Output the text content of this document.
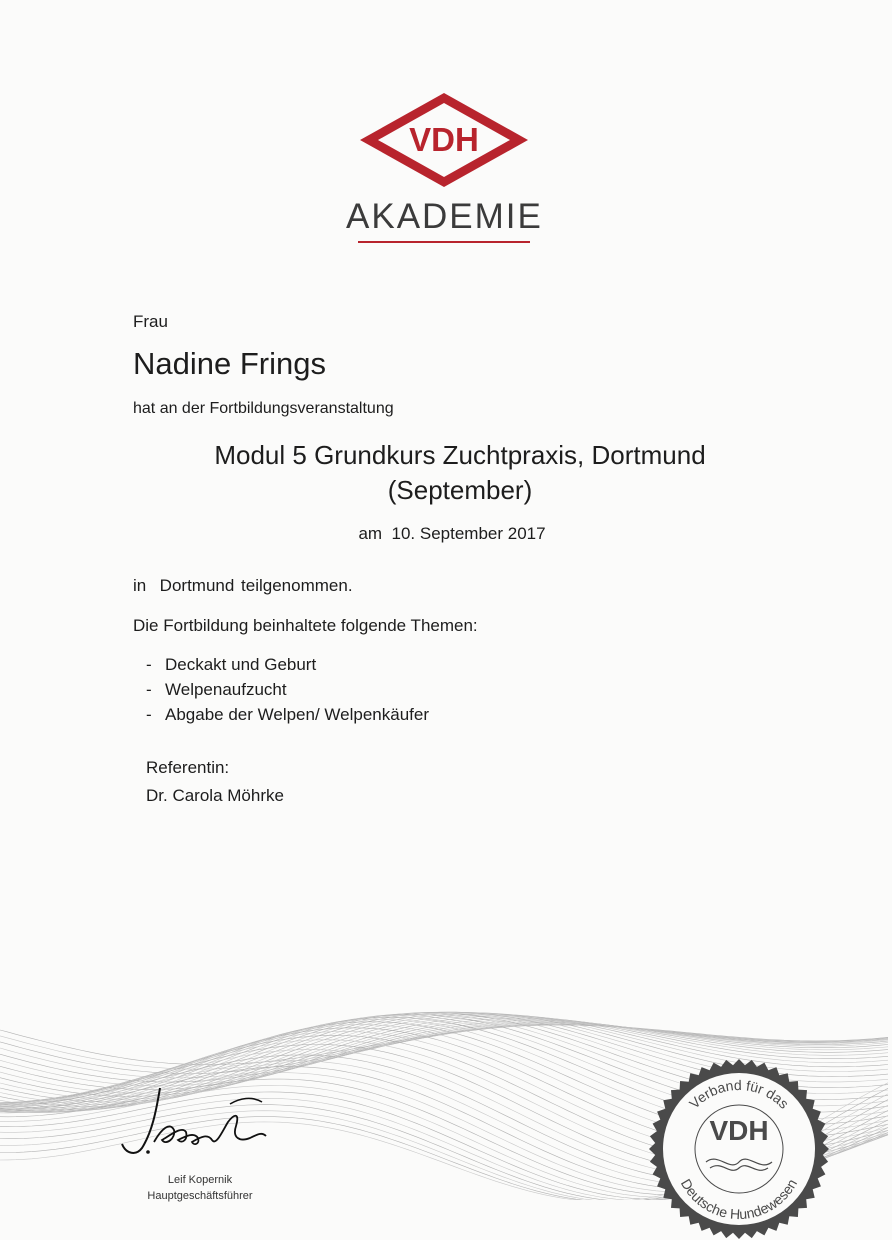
VDH
AKADEMIE
Frau
Nadine Frings
hat an der Fortbildungsveranstaltung
Modul 5 Grundkurs Zuchtpraxis, Dortmund
(September)
am  10. September 2017
in  Dortmund teilgenommen.
Die Fortbildung beinhaltete folgende Themen:
- Deckakt und Geburt
- Welpenaufzucht
- Abgabe der Welpen/ Welpenkäufer
Referentin:
Dr. Carola Möhrke
Leif Kopernik
Hauptgeschäftsführer
Verband für das
Deutsche Hundewesen
VDH
